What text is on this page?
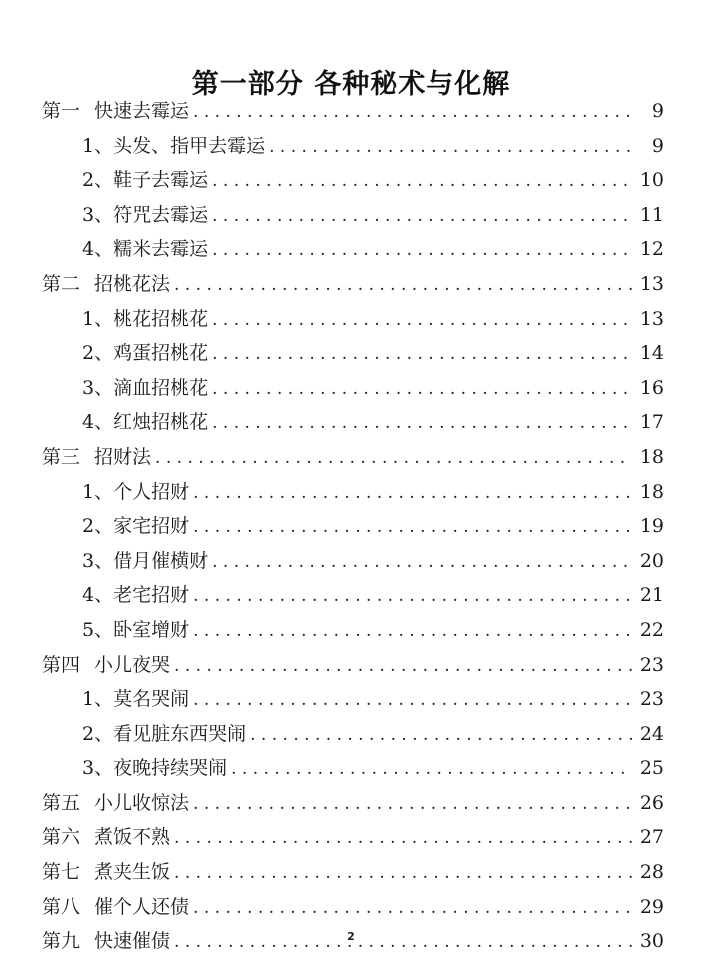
第一部分 各种秘术与化解
第一 快速去霉运 . . .	9
1、 头发、指甲去霉运 . . .	9
2、 鞋子去霉运 . . .	10
3、 符咒去霉运 . . .	11
4、 糯米去霉运 . . .	12
第二 招桃花法 . . .	13
1、 桃花招桃花 . . .	13
2、 鸡蛋招桃花 . . .	14
3、 滴血招桃花 . . .	16
4、 红烛招桃花 . . .	17
第三 招财法 . . .	18
1、 个人招财 . . .	18
2、 家宅招财 . . .	19
3、 借月催横财 . . .	20
4、 老宅招财 . . .	21
5、 卧室增财 . . .	22
第四 小儿夜哭 . . .	23
1、 莫名哭闹 . . .	23
2、 看见脏东西哭闹 . . .	24
3、 夜晚持续哭闹 . . .	25
第五 小儿收惊法 . . .	26
第六 煮饭不熟 . . .	27
第七 煮夹生饭 . . .	28
第八 催个人还债 . . .	29
第九 快速催债 . . .	30
2
